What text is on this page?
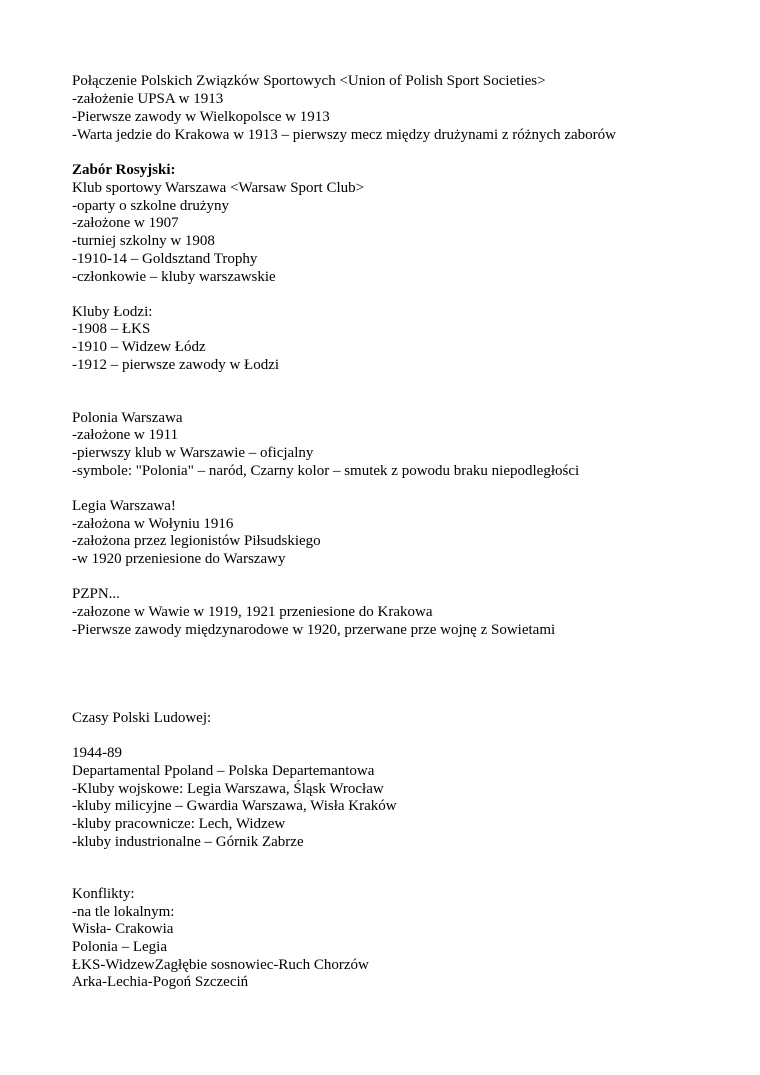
Połączenie Polskich Związków Sportowych <Union of Polish Sport Societies>
-założenie UPSA w 1913
-Pierwsze zawody w Wielkopolsce w 1913
-Warta jedzie do Krakowa w 1913 – pierwszy mecz między drużynami z różnych zaborów
Zabór Rosyjski:
Klub sportowy Warszawa <Warsaw Sport Club>
-oparty o szkolne drużyny
-założone w 1907
-turniej szkolny w 1908
-1910-14 – Goldsztand Trophy
-członkowie – kluby warszawskie
Kluby Łodzi:
-1908 – ŁKS
-1910 – Widzew Łódz
-1912 – pierwsze zawody w Łodzi
Polonia Warszawa
-założone w 1911
-pierwszy klub w Warszawie – oficjalny
-symbole: "Polonia" – naród, Czarny kolor – smutek z powodu braku niepodległości
Legia Warszawa!
-założona w Wołyniu 1916
-założona przez legionistów Piłsudskiego
-w 1920 przeniesione do Warszawy
PZPN...
-załozone w Wawie w 1919, 1921 przeniesione do Krakowa
-Pierwsze zawody międzynarodowe w 1920, przerwane prze wojnę z Sowietami
Czasy Polski Ludowej:
1944-89
Departamental Ppoland – Polska Departemantowa
-Kluby wojskowe: Legia Warszawa, Śląsk Wrocław
-kluby milicyjne – Gwardia Warszawa, Wisła Kraków
-kluby pracownicze: Lech, Widzew
-kluby industrionalne – Górnik Zabrze
Konflikty:
-na tle lokalnym:
Wisła- Crakowia
Polonia – Legia
ŁKS-WidzewZagłębie sosnowiec-Ruch Chorzów
Arka-Lechia-Pogoń Szczeciń
